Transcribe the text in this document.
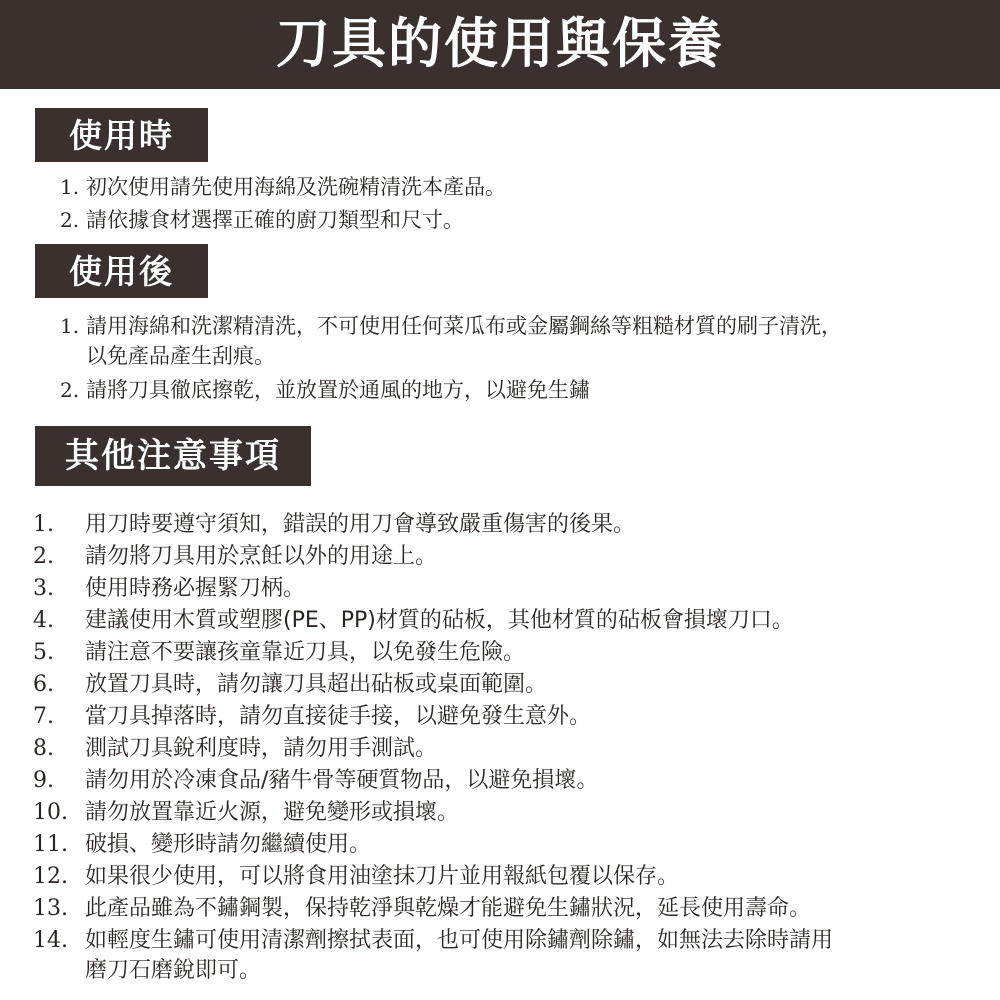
刀具的使用與保養
使用時
1. 初次使用請先使用海綿及洗碗精清洗本產品。
2. 請依據食材選擇正確的廚刀類型和尺寸。
使用後
1. 請用海綿和洗潔精清洗，不可使用任何菜瓜布或金屬鋼絲等粗糙材質的刷子清洗，
以免產品產生刮痕。
2. 請將刀具徹底擦乾，並放置於通風的地方，以避免生鏽
其他注意事項
1. 用刀時要遵守須知，錯誤的用刀會導致嚴重傷害的後果。
2. 請勿將刀具用於烹飪以外的用途上。
3. 使用時務必握緊刀柄。
4. 建議使用木質或塑膠(PE、PP)材質的砧板，其他材質的砧板會損壞刀口。
5. 請注意不要讓孩童靠近刀具，以免發生危險。
6. 放置刀具時，請勿讓刀具超出砧板或桌面範圍。
7. 當刀具掉落時，請勿直接徒手接，以避免發生意外。
8. 測試刀具銳利度時，請勿用手測試。
9. 請勿用於冷凍食品/豬牛骨等硬質物品，以避免損壞。
10. 請勿放置靠近火源，避免變形或損壞。
11. 破損、變形時請勿繼續使用。
12. 如果很少使用，可以將食用油塗抹刀片並用報紙包覆以保存。
13. 此產品雖為不鏽鋼製，保持乾淨與乾燥才能避免生鏽狀況，延長使用壽命。
14. 如輕度生鏽可使用清潔劑擦拭表面，也可使用除鏽劑除鏽，如無法去除時請用
磨刀石磨銳即可。
